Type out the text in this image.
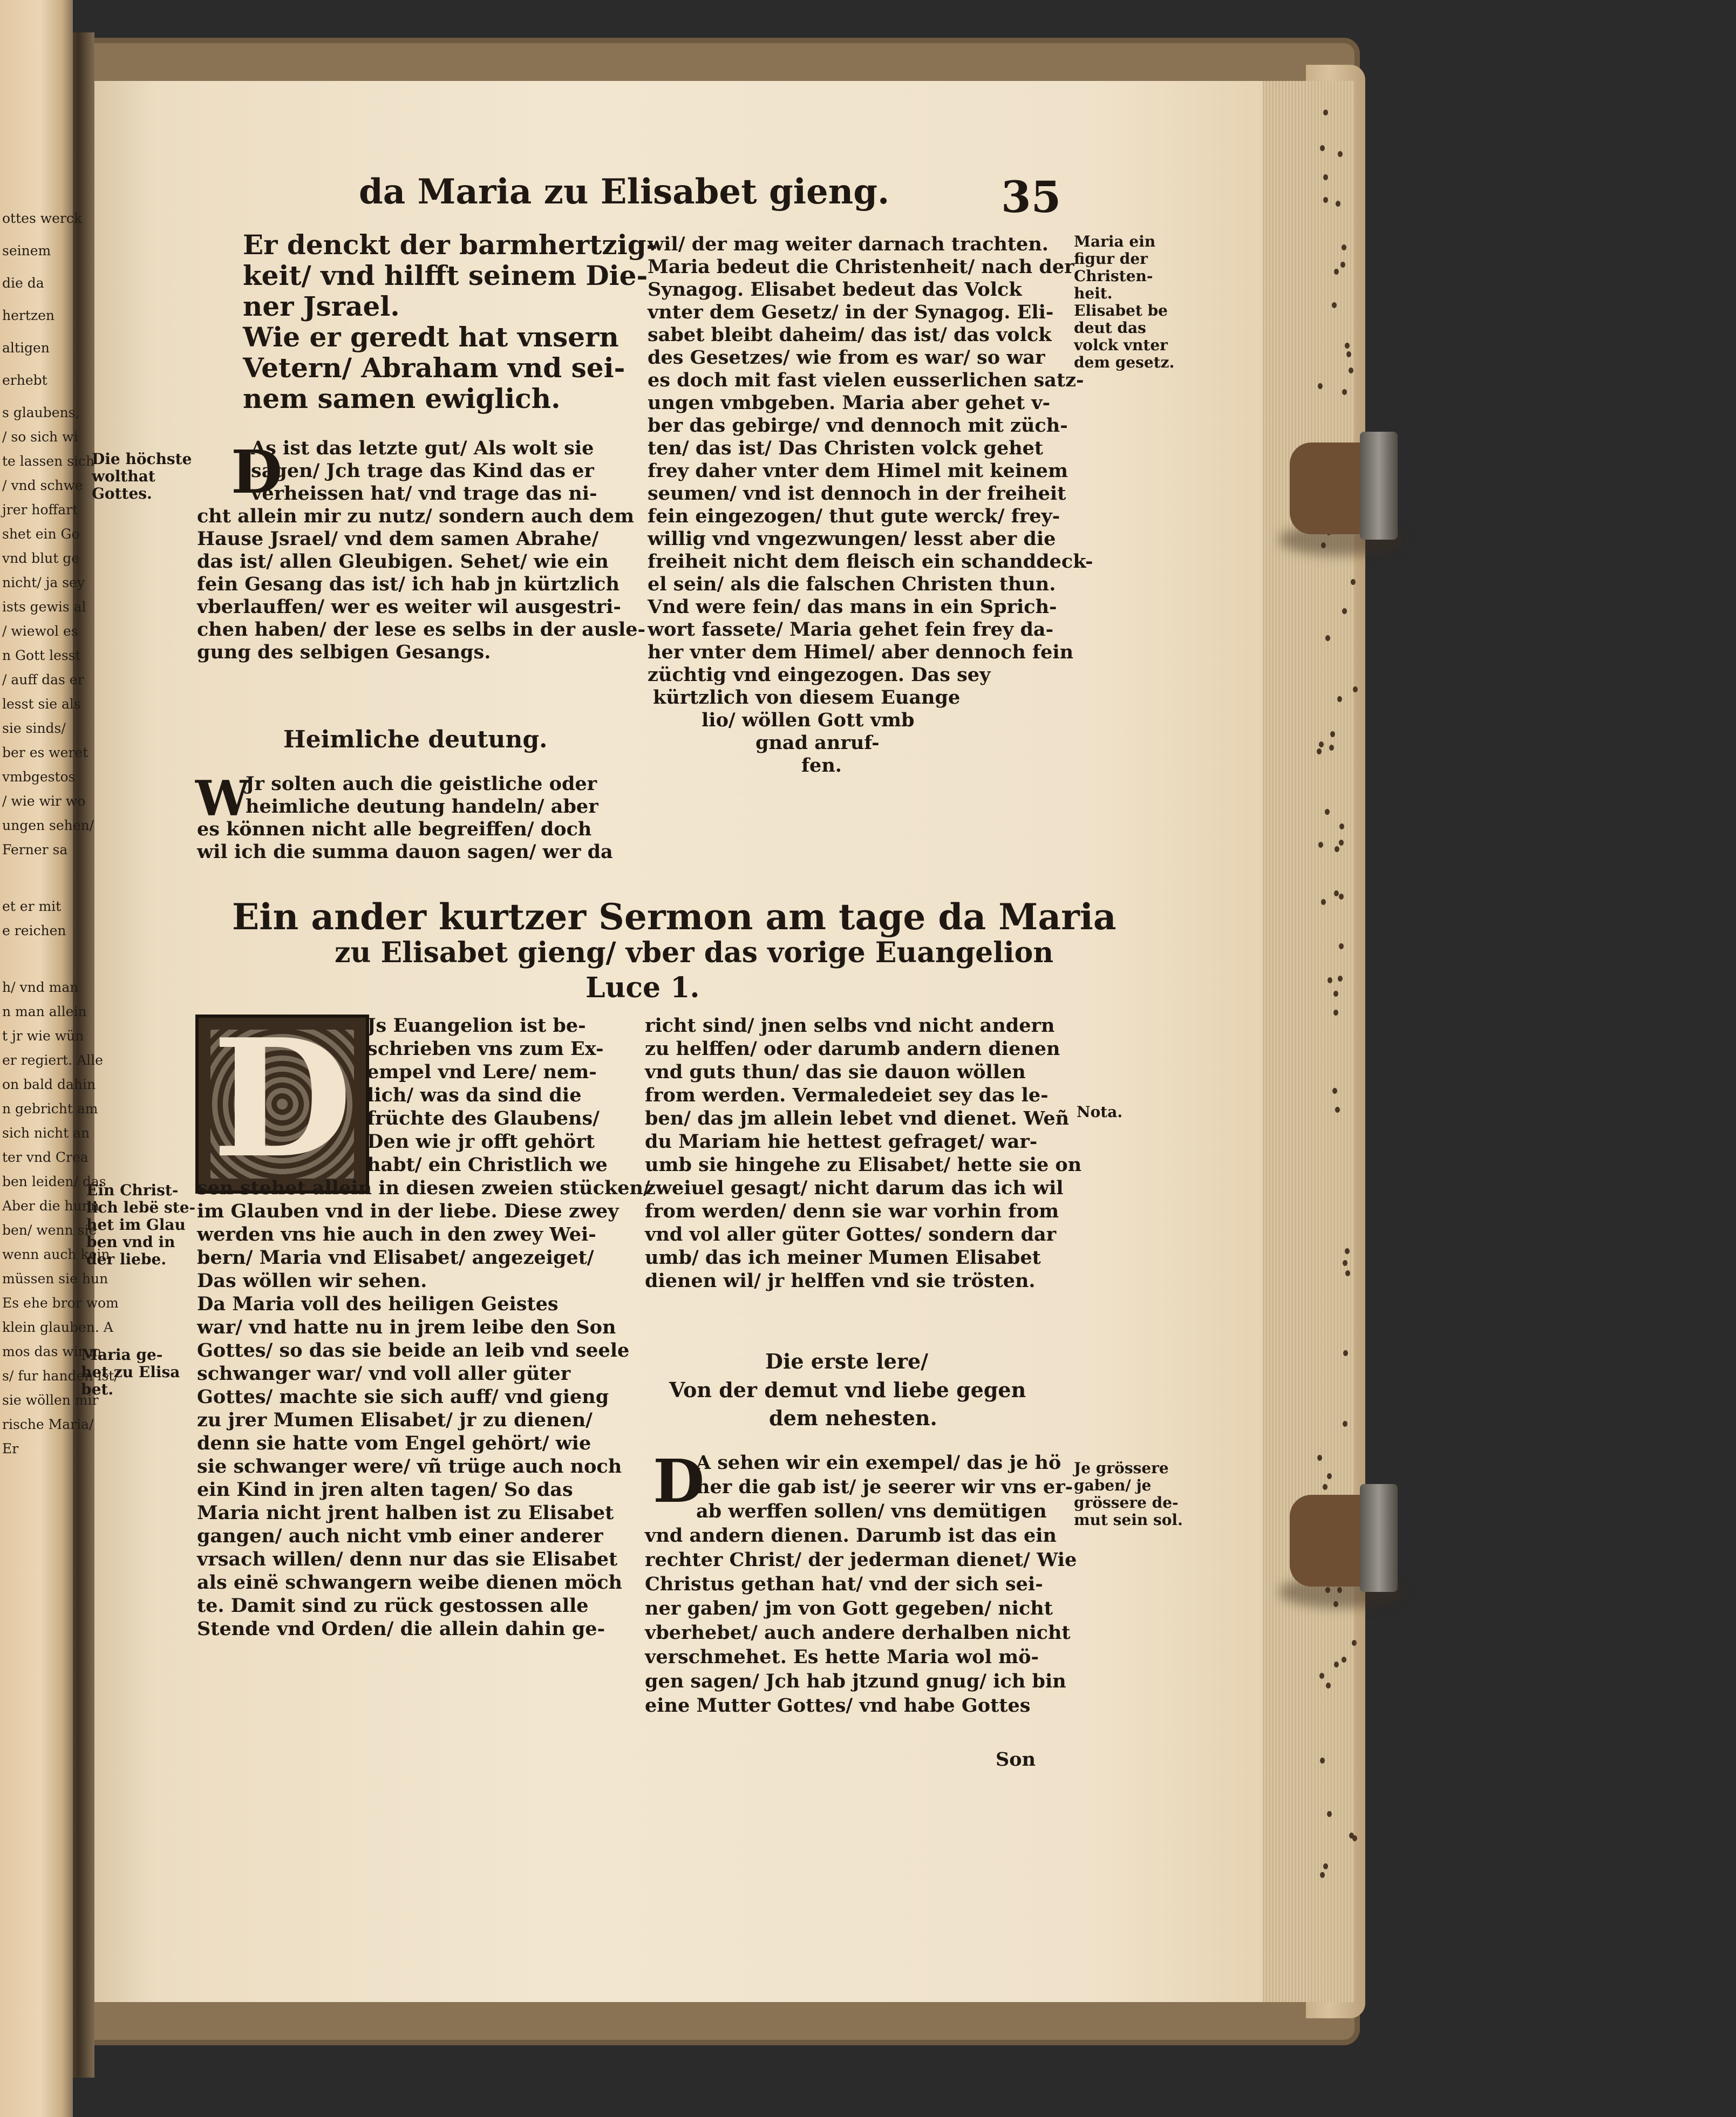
ottes werck
seinem
die da
hertzen
altigen
erhebt
s glaubens,
/ so sich wi
te lassen sich
/ vnd schwe
jrer hoffart
shet ein Go
vnd blut ge
nicht/ ja sey
ists gewis al
/ wiewol es
n Gott lesst
/ auff das er
lesst sie als
sie sinds/
ber es weret
vmbgestos
/ wie wir wo
ungen sehen/
Ferner sa
et er mit
e reichen
h/ vnd man
n man allein
t jr wie wün
er regiert. Alle
on bald dahin
n gebricht am
sich nicht an
ter vnd Crea
ben leiden/ das
Aber die hunn
ben/ wenn sie
wenn auch kein
müssen sie hun
Es ehe bror wom
klein glauben. A
mos das wir m
s/ fur handen ist/
sie wöllen mir
rische Maria/
Er
da Maria zu Elisabet gieng.	35
Er denckt der barmhertzig-
keit/ vnd hilfft seinem Die-
ner Jsrael.
Wie er geredt hat vnsern
Vetern/ Abraham vnd sei-
nem samen ewiglich.
D
As ist das letzte gut/ Als wolt sie
sagen/ Jch trage das Kind das er
verheissen hat/ vnd trage das ni-
cht allein mir zu nutz/ sondern auch dem
Hause Jsrael/ vnd dem samen Abrahe/
das ist/ allen Gleubigen. Sehet/ wie ein
fein Gesang das ist/ ich hab jn kürtzlich
vberlauffen/ wer es weiter wil ausgestri-
chen haben/ der lese es selbs in der ausle-
gung des selbigen Gesangs.
Heimliche deutung.
W
Jr solten auch die geistliche oder
heimliche deutung handeln/ aber
es können nicht alle begreiffen/ doch
wil ich die summa dauon sagen/ wer da
wil/ der mag weiter darnach trachten.
Maria bedeut die Christenheit/ nach der
Synagog. Elisabet bedeut das Volck
vnter dem Gesetz/ in der Synagog. Eli-
sabet bleibt daheim/ das ist/ das volck
des Gesetzes/ wie from es war/ so war
es doch mit fast vielen eusserlichen satz-
ungen vmbgeben. Maria aber gehet v-
ber das gebirge/ vnd dennoch mit züch-
ten/ das ist/ Das Christen volck gehet
frey daher vnter dem Himel mit keinem
seumen/ vnd ist dennoch in der freiheit
fein eingezogen/ thut gute werck/ frey-
willig vnd vngezwungen/ lesst aber die
freiheit nicht dem fleisch ein schanddeck-
el sein/ als die falschen Christen thun.
Vnd were fein/ das mans in ein Sprich-
wort fassete/ Maria gehet fein frey da-
her vnter dem Himel/ aber dennoch fein
züchtig vnd eingezogen. Das sey
kürtzlich von diesem Euange
lio/ wöllen Gott vmb
gnad anruf-
fen.
Die höchste
wolthat
Gottes.
Maria ein
figur der
Christen-
heit.
Elisabet be
deut das
volck vnter
dem gesetz.
Ein ander kurtzer Sermon am tage da Maria
zu Elisabet gieng/ vber das vorige Euangelion
Luce 1.
D Js Euangelion ist be-
schrieben vns zum Ex-
empel vnd Lere/ nem-
lich/ was da sind die
früchte des Glaubens/
Den wie jr offt gehört
habt/ ein Christlich we
sen stehet allein in diesen zweien stücken/
im Glauben vnd in der liebe. Diese zwey
werden vns hie auch in den zwey Wei-
bern/ Maria vnd Elisabet/ angezeiget/
Das wöllen wir sehen.
Da Maria voll des heiligen Geistes
war/ vnd hatte nu in jrem leibe den Son
Gottes/ so das sie beide an leib vnd seele
schwanger war/ vnd voll aller güter
Gottes/ machte sie sich auff/ vnd gieng
zu jrer Mumen Elisabet/ jr zu dienen/
denn sie hatte vom Engel gehört/ wie
sie schwanger were/ vñ trüge auch noch
ein Kind in jren alten tagen/ So das
Maria nicht jrent halben ist zu Elisabet
gangen/ auch nicht vmb einer anderer
vrsach willen/ denn nur das sie Elisabet
als einë schwangern weibe dienen möch
te. Damit sind zu rück gestossen alle
Stende vnd Orden/ die allein dahin ge-
richt sind/ jnen selbs vnd nicht andern
zu helffen/ oder darumb andern dienen
vnd guts thun/ das sie dauon wöllen
from werden. Vermaledeiet sey das le-
ben/ das jm allein lebet vnd dienet. Weñ
du Mariam hie hettest gefraget/ war-
umb sie hingehe zu Elisabet/ hette sie on
zweiuel gesagt/ nicht darum das ich wil
from werden/ denn sie war vorhin from
vnd vol aller güter Gottes/ sondern dar
umb/ das ich meiner Mumen Elisabet
dienen wil/ jr helffen vnd sie trösten.
Die erste lere/
Von der demut vnd liebe gegen
dem nehesten.
D
A sehen wir ein exempel/ das je hö
her die gab ist/ je seerer wir vns er-
ab werffen sollen/ vns demütigen
vnd andern dienen. Darumb ist das ein
rechter Christ/ der jederman dienet/ Wie
Christus gethan hat/ vnd der sich sei-
ner gaben/ jm von Gott gegeben/ nicht
vberhebet/ auch andere derhalben nicht
verschmehet. Es hette Maria wol mö-
gen sagen/ Jch hab jtzund gnug/ ich bin
eine Mutter Gottes/ vnd habe Gottes
Son
Ein Christ-
lich lebë ste-
het im Glau
ben vnd in
der liebe.
Maria ge-
het zu Elisa
bet.
Nota.
Je grössere
gaben/ je
grössere de-
mut sein sol.
